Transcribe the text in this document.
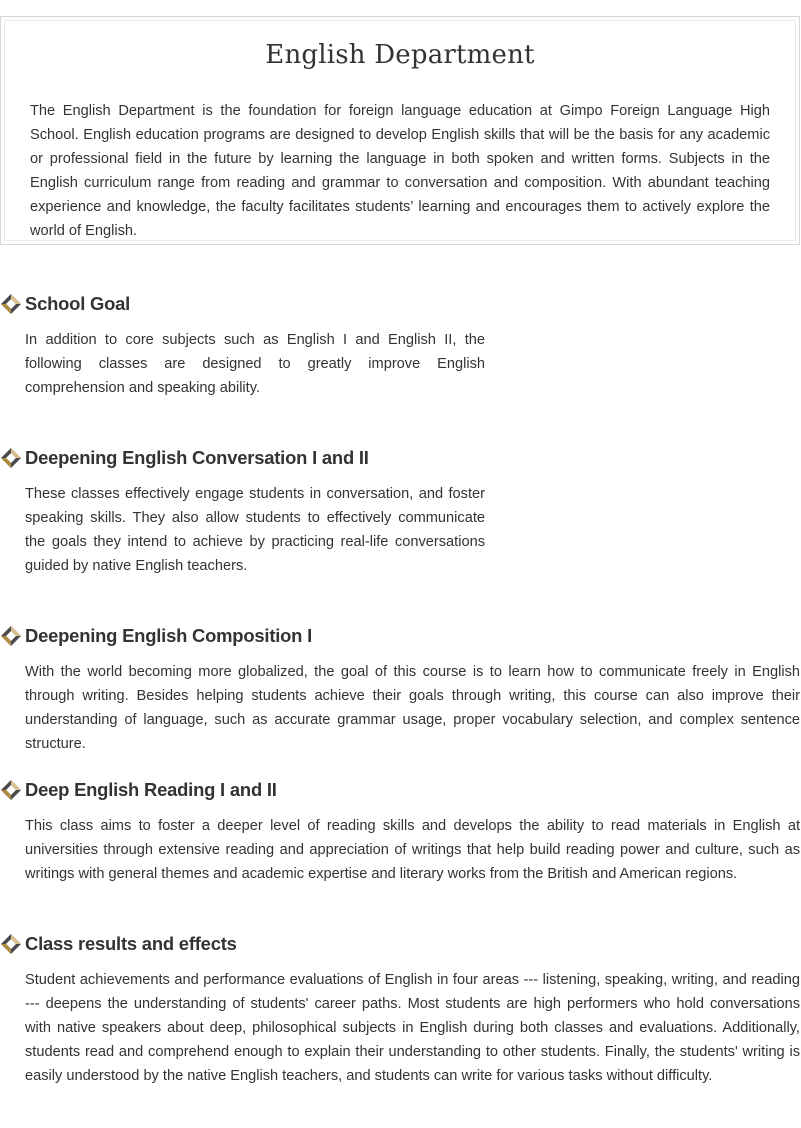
English Department

The English Department is the foundation for foreign language education at Gimpo Foreign Language High School. English education programs are designed to develop English skills that will be the basis for any academic or professional field in the future by learning the language in both spoken and written forms. Subjects in the English curriculum range from reading and grammar to conversation and composition. With abundant teaching experience and knowledge, the faculty facilitates students’ learning and encourages them to actively explore the world of English.

School Goal

In addition to core subjects such as English I and English II, the following classes are designed to greatly improve English comprehension and speaking ability.

Deepening English Conversation I and II

These classes effectively engage students in conversation, and foster speaking skills. They also allow students to effectively communicate the goals they intend to achieve by practicing real-life conversations guided by native English teachers.

Deepening English Composition I

With the world becoming more globalized, the goal of this course is to learn how to communicate freely in English through writing. Besides helping students achieve their goals through writing, this course can also improve their understanding of language, such as accurate grammar usage, proper vocabulary selection, and complex sentence structure.

Deep English Reading I and II

This class aims to foster a deeper level of reading skills and develops the ability to read materials in English at universities through extensive reading and appreciation of writings that help build reading power and culture, such as writings with general themes and academic expertise and literary works from the British and American regions.

Class results and effects

Student achievements and performance evaluations of English in four areas --- listening, speaking, writing, and reading --- deepens the understanding of students' career paths. Most students are high performers who hold conversations with native speakers about deep, philosophical subjects in English during both classes and evaluations. Additionally, students read and comprehend enough to explain their understanding to other students. Finally, the students' writing is easily understood by the native English teachers, and students can write for various tasks without difficulty.
